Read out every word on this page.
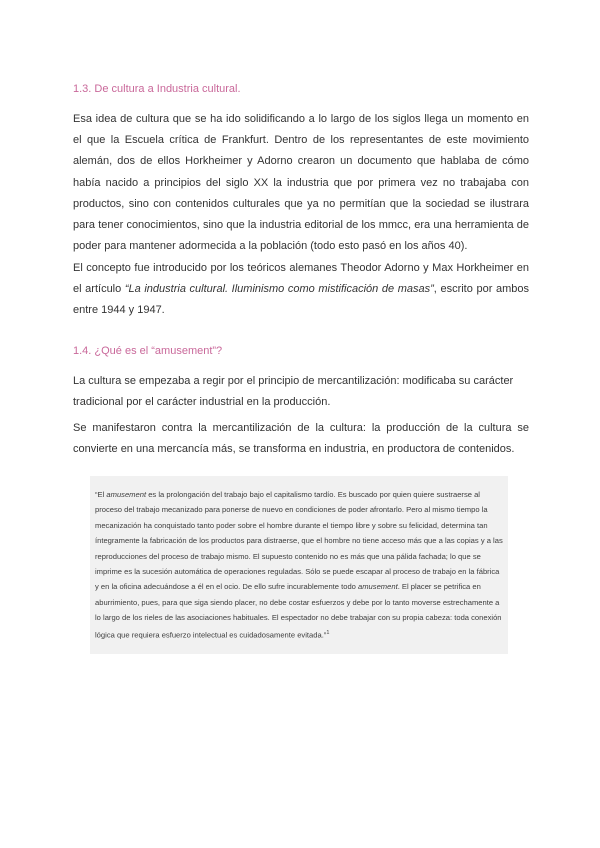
1.3. De cultura a Industria cultural.

Esa idea de cultura que se ha ido solidificando a lo largo de los siglos llega un momento en el que la Escuela crítica de Frankfurt. Dentro de los representantes de este movimiento alemán, dos de ellos Horkheimer y Adorno crearon un documento que hablaba de cómo había nacido a principios del siglo XX la industria que por primera vez no trabajaba con productos, sino con contenidos culturales que ya no permitían que la sociedad se ilustrara para tener conocimientos, sino que la industria editorial de los mmcc, era una herramienta de poder para mantener adormecida a la población (todo esto pasó en los años 40).

El concepto fue introducido por los teóricos alemanes Theodor Adorno y Max Horkheimer en el artículo “La industria cultural. Iluminismo como mistificación de masas”, escrito por ambos entre 1944 y 1947.

1.4. ¿Qué es el “amusement”?

La cultura se empezaba a regir por el principio de mercantilización: modificaba su carácter tradicional por el carácter industrial en la producción.

Se manifestaron contra la mercantilización de la cultura: la producción de la cultura se convierte en una mercancía más, se transforma en industria, en productora de contenidos.

“El amusement es la prolongación del trabajo bajo el capitalismo tardío. Es buscado por quien quiere sustraerse al proceso del trabajo mecanizado para ponerse de nuevo en condiciones de poder afrontarlo. Pero al mismo tiempo la mecanización ha conquistado tanto poder sobre el hombre durante el tiempo libre y sobre su felicidad, determina tan íntegramente la fabricación de los productos para distraerse, que el hombre no tiene acceso más que a las copias y a las reproducciones del proceso de trabajo mismo. El supuesto contenido no es más que una pálida fachada; lo que se imprime es la sucesión automática de operaciones reguladas. Sólo se puede escapar al proceso de trabajo en la fábrica y en la oficina adecuándose a él en el ocio. De ello sufre incurablemente todo amusement. El placer se petrifica en aburrimiento, pues, para que siga siendo placer, no debe costar esfuerzos y debe por lo tanto moverse estrechamente a lo largo de los rieles de las asociaciones habituales. El espectador no debe trabajar con su propia cabeza: toda conexión lógica que requiera esfuerzo intelectual es cuidadosamente evitada.”$^1$
